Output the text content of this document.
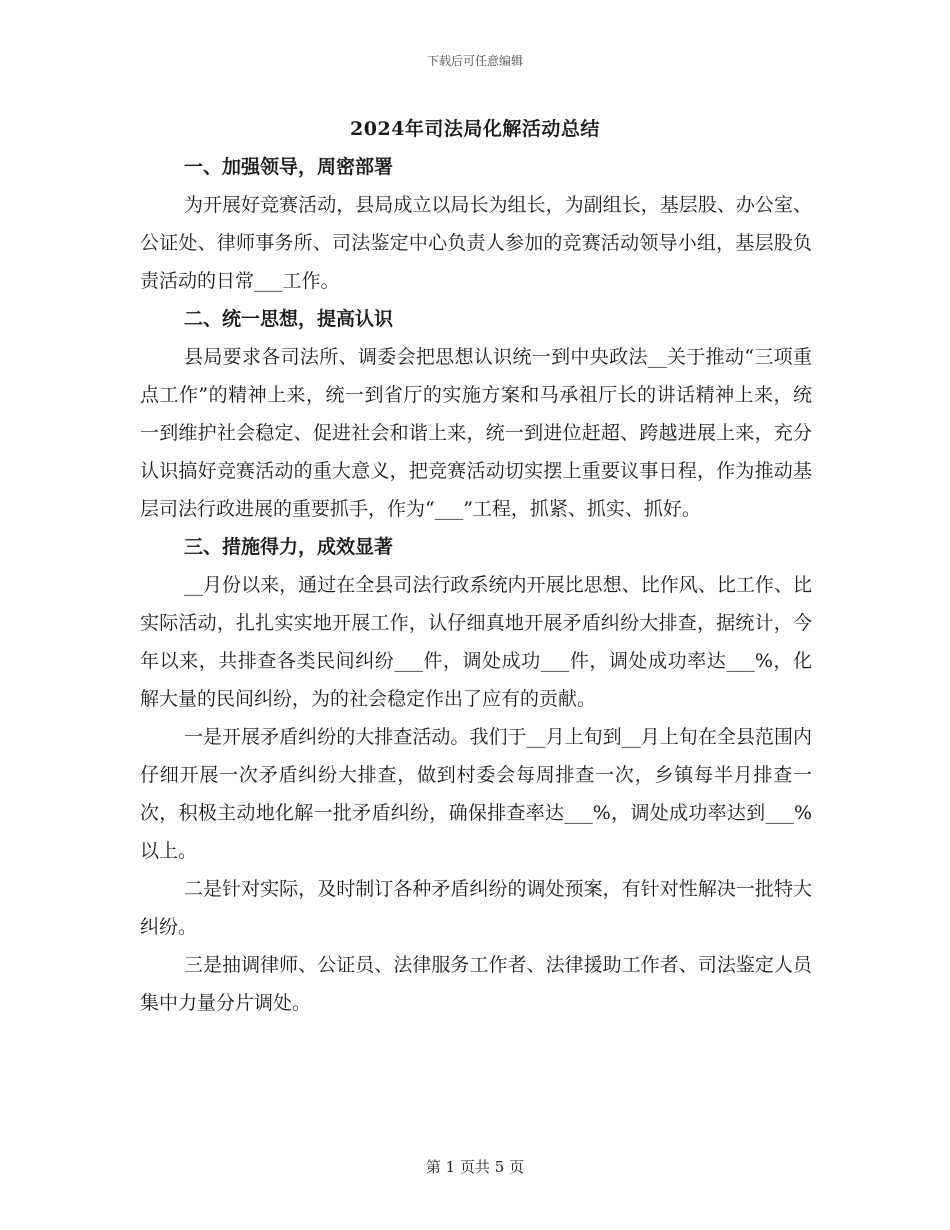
下载后可任意编辑
2024年司法局化解活动总结

一、加强领导，周密部署

为开展好竞赛活动，县局成立以局长为组长，为副组长，基层股、办公室、公证处、律师事务所、司法鉴定中心负责人参加的竞赛活动领导小组，基层股负责活动的日常___工作。

二、统一思想，提高认识

县局要求各司法所、调委会把思想认识统一到中央政法__关于推动“三项重点工作”的精神上来，统一到省厅的实施方案和马承祖厅长的讲话精神上来，统一到维护社会稳定、促进社会和谐上来，统一到进位赶超、跨越进展上来，充分认识搞好竞赛活动的重大意义，把竞赛活动切实摆上重要议事日程，作为推动基层司法行政进展的重要抓手，作为“___”工程，抓紧、抓实、抓好。

三、措施得力，成效显著

__月份以来，通过在全县司法行政系统内开展比思想、比作风、比工作、比实际活动，扎扎实实地开展工作，认仔细真地开展矛盾纠纷大排查，据统计，今年以来，共排查各类民间纠纷___件，调处成功___件，调处成功率达___%，化解大量的民间纠纷，为的社会稳定作出了应有的贡献。

一是开展矛盾纠纷的大排查活动。我们于__月上旬到__月上旬在全县范围内仔细开展一次矛盾纠纷大排查，做到村委会每周排查一次，乡镇每半月排查一次，积极主动地化解一批矛盾纠纷，确保排查率达___%，调处成功率达到___%以上。

二是针对实际，及时制订各种矛盾纠纷的调处预案，有针对性解决一批特大纠纷。

三是抽调律师、公证员、法律服务工作者、法律援助工作者、司法鉴定人员集中力量分片调处。

第 1 页共 5 页
